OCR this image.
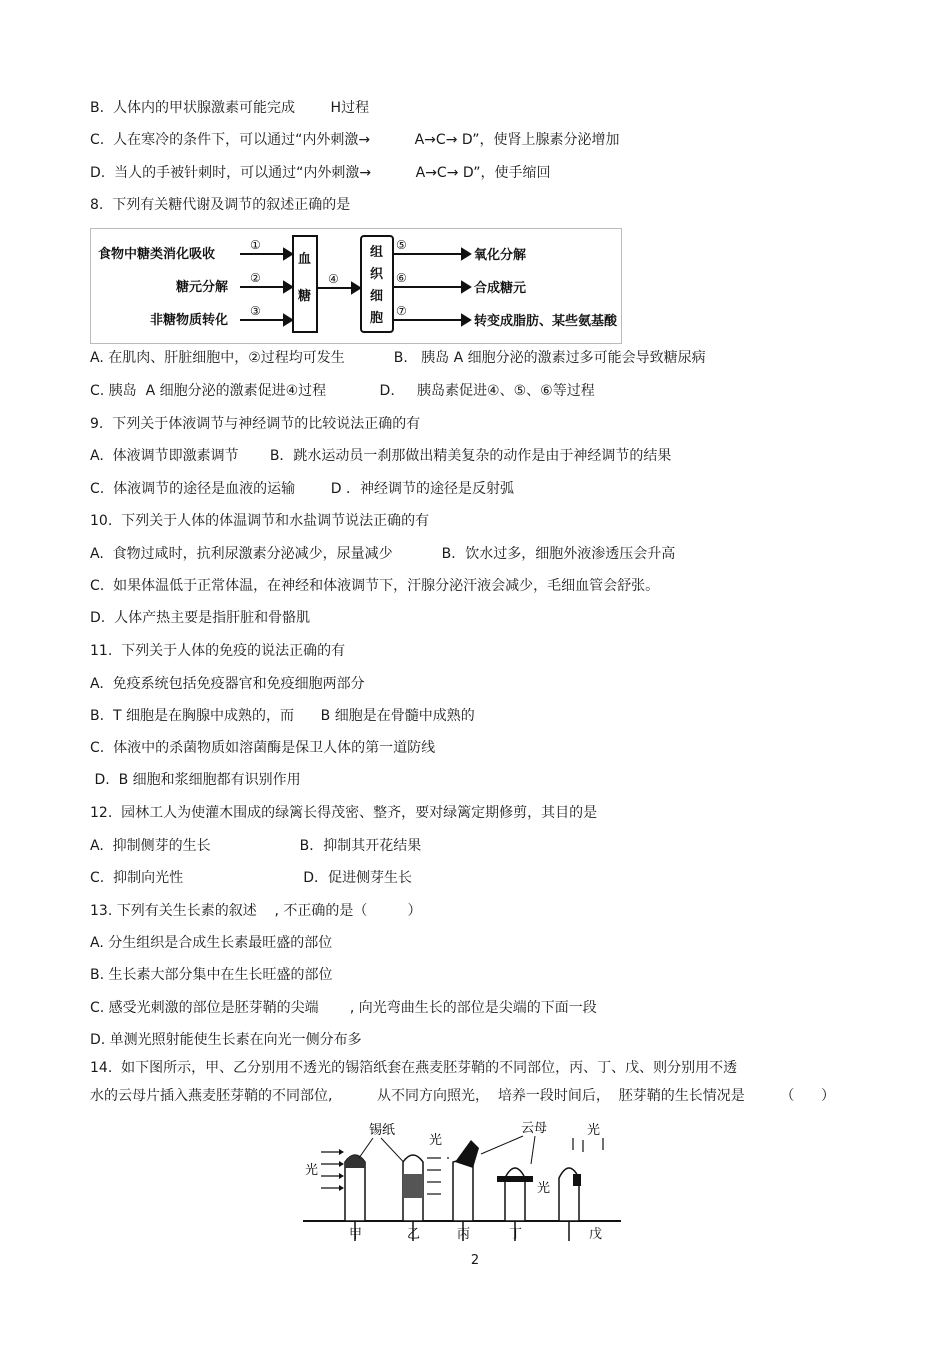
B.  人体内的甲状腺激素可能完成        H过程
C.  人在寒冷的条件下，可以通过“内外刺激→          A→C→ D”，使肾上腺素分泌增加
D.  当人的手被针刺时，可以通过“内外刺激→          A→C→ D”，使手缩回
8.  下列有关糖代谢及调节的叙述正确的是
食物中糖类消化吸收
糖元分解
非糖物质转化
①
②
③
④
⑤
⑥
⑦
血
糖
组
织
细
胞
氧化分解
合成糖元
转变成脂肪、某些氨基酸
A. 在肌肉、肝脏细胞中，②过程均可发生           B.   胰岛 A 细胞分泌的激素过多可能会导致糖尿病
C. 胰岛  A 细胞分泌的激素促进④过程            D.     胰岛素促进④、⑤、⑥等过程
9.  下列关于体液调节与神经调节的比较说法正确的有
A.  体液调节即激素调节       B．跳水运动员一刹那做出精美复杂的动作是由于神经调节的结果
C.  体液调节的途径是血液的运输        D ．神经调节的途径是反射弧
10.  下列关于人体的体温调节和水盐调节说法正确的有
A.  食物过咸时，抗利尿激素分泌减少，尿量减少           B．饮水过多，细胞外液渗透压会升高
C.  如果体温低于正常体温，在神经和体液调节下，汗腺分泌汗液会减少，毛细血管会舒张。
D.  人体产热主要是指肝脏和骨骼肌
11.  下列关于人体的免疫的说法正确的有
A.  免疫系统包括免疫器官和免疫细胞两部分
B.  T 细胞是在胸腺中成熟的，而      B 细胞是在骨髓中成熟的
C.  体液中的杀菌物质如溶菌酶是保卫人体的第一道防线
D.  B 细胞和浆细胞都有识别作用
12.  园林工人为使灌木围成的绿篱长得茂密、整齐，要对绿篱定期修剪，其目的是
A.  抑制侧芽的生长                    B．抑制其开花结果
C.  抑制向光性                           D．促进侧芽生长
13. 下列有关生长素的叙述    , 不正确的是（         ）
A. 分生组织是合成生长素最旺盛的部位
B. 生长素大部分集中在生长旺盛的部位
C. 感受光刺激的部位是胚芽鞘的尖端       , 向光弯曲生长的部位是尖端的下面一段
D. 单测光照射能使生长素在向光一侧分布多
14.  如下图所示，甲、乙分别用不透光的锡箔纸套在燕麦胚芽鞘的不同部位，丙、丁、戊、则分别用不透
水的云母片插入燕麦胚芽鞘的不同部位,          从不同方向照光，  培养一段时间后，  胚芽鞘的生长情况是        （      ）
光
锡纸
光
云母
光
光
甲	乙	丙	丁	戊
2
